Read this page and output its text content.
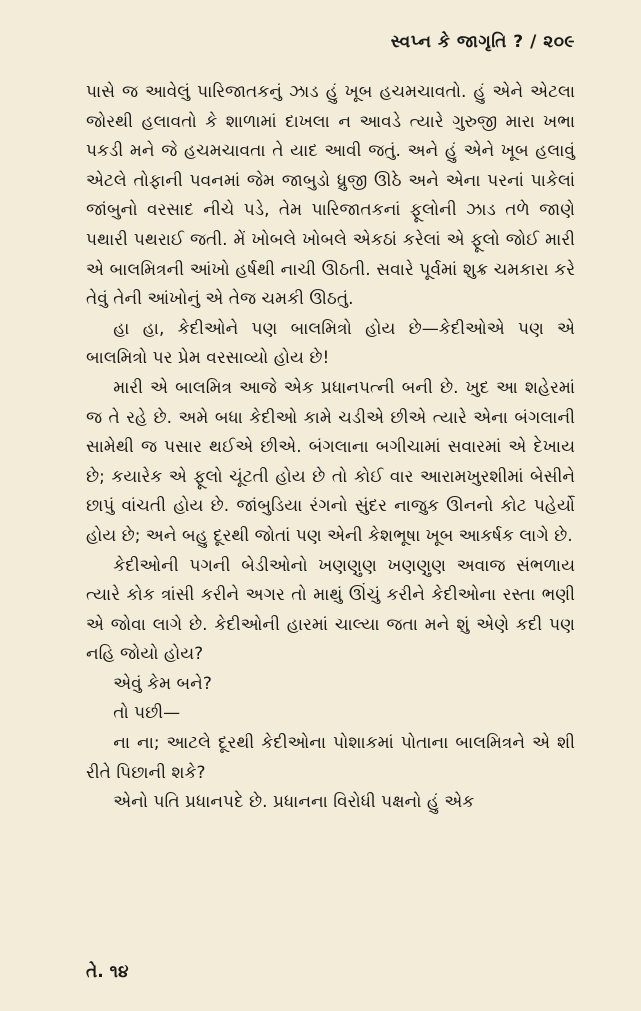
સ્વપ્ન કે જાગૃતિ ? / ૨૦૯

પાસે જ આવેલું પારિજાતકનું ઝાડ હું ખૂબ હચમચાવતો. હું એને એટલા જોરથી હલાવતો કે શાળામાં દાખલા ન આવડે ત્યારે ગુરુજી મારા ખભા પકડી મને જે હચમચાવતા તે યાદ આવી જતું. અને હું એને ખૂબ હલાવું એટલે તોફાની પવનમાં જેમ જાબુડો ધ્રુજી ઊઠે અને એના પરનાં પાકેલાં જાંબુનો વરસાદ નીચે પડે, તેમ પારિજાતકનાં ફૂલોની ઝાડ તળે જાણે પથારી પથરાઈ જતી. મેં ખોબલે ખોબલે એકઠાં કરેલાં એ ફૂલો જોઈ મારી એ બાલમિત્રની આંખો હર્ષથી નાચી ઊઠતી. સવારે પૂર્વમાં શુક્ર ચમકારા કરે તેવું તેની આંખોનું એ તેજ ચમકી ઊઠતું.

હા હા, કેદીઓને પણ બાલમિત્રો હોય છે—કેદીઓએ પણ એ બાલમિત્રો પર પ્રેમ વરસાવ્યો હોય છે!

મારી એ બાલમિત્ર આજે એક પ્રધાનપત્ની બની છે. ખુદ આ શહેરમાં જ તે રહે છે. અમે બધા કેદીઓ કામે ચડીએ છીએ ત્યારે એના બંગલાની સામેથી જ પસાર થઈએ છીએ. બંગલાના બગીચામાં સવારમાં એ દેખાય છે; કયારેક એ ફૂલો ચૂંટતી હોય છે તો કોઈ વાર આરામખુરશીમાં બેસીને છાપું વાંચતી હોય છે. જાંબુડિયા રંગનો સુંદર નાજુક ઊનનો કોટ પહેર્યો હોય છે; અને બહુ દૂરથી જોતાં પણ એની કેશભૂષા ખૂબ આકર્ષક લાગે છે.

કેદીઓની પગની બેડીઓનો ખણણુણ ખણણુણ અવાજ સંભળાય ત્યારે કોક ત્રાંસી કરીને અગર તો માથું ઊંચું કરીને કેદીઓના રસ્તા ભણી એ જોવા લાગે છે. કેદીઓની હારમાં ચાલ્યા જતા મને શું એણે કદી પણ નહિ જોયો હોય?

એવું કેમ બને?

તો પછી—

ના ના; આટલે દૂરથી કેદીઓના પોશાકમાં પોતાના બાલમિત્રને એ શી રીતે પિછાની શકે?

એનો પતિ પ્રધાનપદે છે. પ્રધાનના વિરોધી પક્ષનો હું એક

તે. ૧૪
